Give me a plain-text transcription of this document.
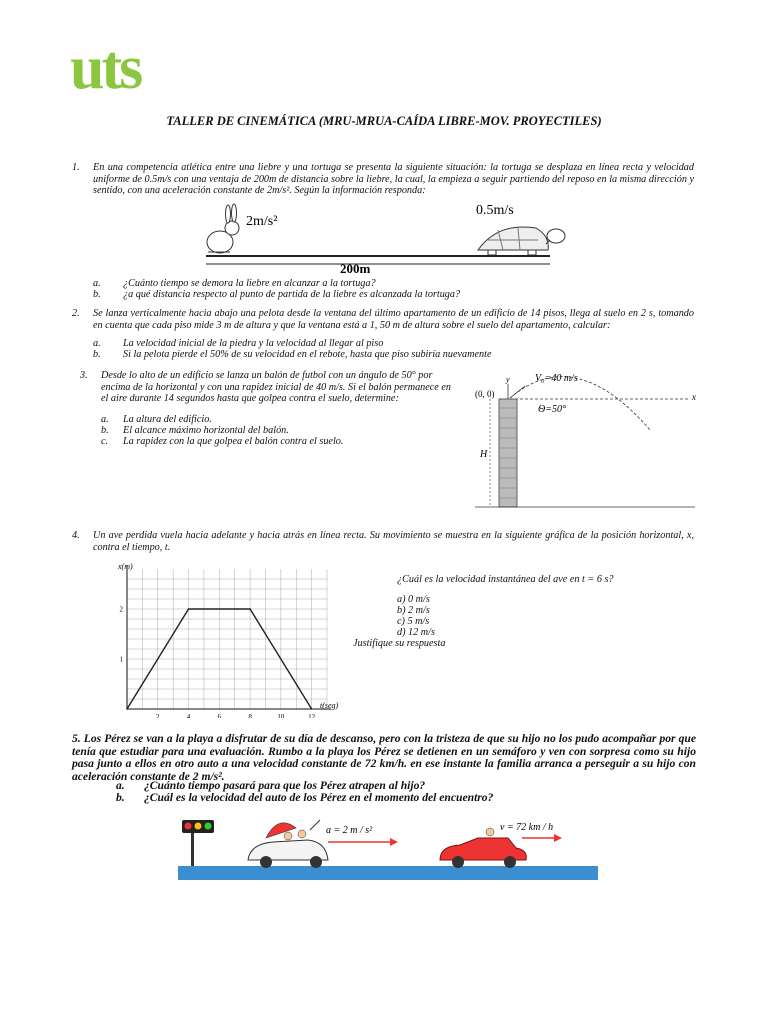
uts
TALLER DE CINEMÁTICA (MRU-MRUA-CAÍDA LIBRE-MOV. PROYECTILES)
1. En una competencia atlética entre una liebre y una tortuga se presenta la siguiente situación: la tortuga se desplaza en línea recta y velocidad uniforme de 0.5m/s con una ventaja de 200m de distancia sobre la liebre, la cual, la empieza a seguir partiendo del reposo en la misma dirección y sentido, con una aceleración constante de 2m/s². Según la información responda:
2m/s²
0.5m/s
200m
a. ¿Cuánto tiempo se demora la liebre en alcanzar a la tortuga?
b. ¿a qué distancia respecto al punto de partida de la liebre es alcanzada la tortuga?
2. Se lanza verticalmente hacia abajo una pelota desde la ventana del último apartamento de un edificio de 14 pisos, llega al suelo en 2 s, tomando en cuenta que cada piso mide 3 m de altura y que la ventana está a 1, 50 m de altura sobre el suelo del apartamento, calcular:
a. La velocidad inicial de la piedra y la velocidad al llegar al piso
b. Si la pelota pierde el 50% de su velocidad en el rebote, hasta que piso subiría nuevamente
3. Desde lo alto de un edificio se lanza un balón de futbol con un ángulo de 50° por encima de la horizontal y con una rapidez inicial de 40 m/s. Si el balón permanece en el aire durante 14 segundos hasta que golpea contra el suelo, determine:
a. La altura del edificio.
b. El alcance máximo horizontal del balón.
c. La rapidez con la que golpea el balón contra el suelo.
V₀=40 m/s
y
(0, 0)	x
Θ=50°
H
4. Un ave perdida vuela hacia adelante y hacia atrás en línea recta. Su movimiento se muestra en la siguiente gráfica de la posición horizontal, x, contra el tiempo, t.
x(m)
t(seg)
2	4	6	8	10	12
1
2
¿Cuál es la velocidad instantánea del ave en t = 6 s?
a) 0 m/s
b) 2 m/s
c) 5 m/s
d) 12 m/s
Justifique su respuesta
5. Los Pérez se van a la playa a disfrutar de su día de descanso, pero con la tristeza de que su hijo no los pudo acompañar por que tenía que estudiar para una evaluación. Rumbo a la playa los Pérez se detienen en un semáforo y ven con sorpresa como su hijo pasa junto a ellos en otro auto a una velocidad constante de 72 km/h. en ese instante la familia arranca a perseguir a su hijo con aceleración constante de 2 m/s².
a. ¿Cuánto tiempo pasará para que los Pérez atrapen al hijo?
b. ¿Cuál es la velocidad del auto de los Pérez en el momento del encuentro?
a = 2 m / s²	v = 72 km / h
